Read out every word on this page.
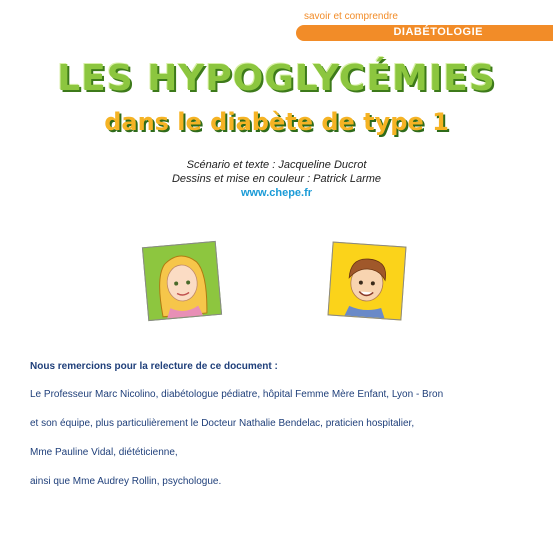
savoir et comprendre
DIABÉTOLOGIE
LES HYPOGLYCÉMIES
dans le diabète de type 1
Scénario et texte : Jacqueline Ducrot
Dessins et mise en couleur : Patrick Larme
www.chepe.fr
Nous remercions pour la relecture de ce document :
Le Professeur Marc Nicolino, diabétologue pédiatre, hôpital Femme Mère Enfant, Lyon - Bron
et son équipe, plus particulièrement le Docteur Nathalie Bendelac, praticien hospitalier,
Mme Pauline Vidal, diététicienne,
ainsi que Mme Audrey Rollin, psychologue.
